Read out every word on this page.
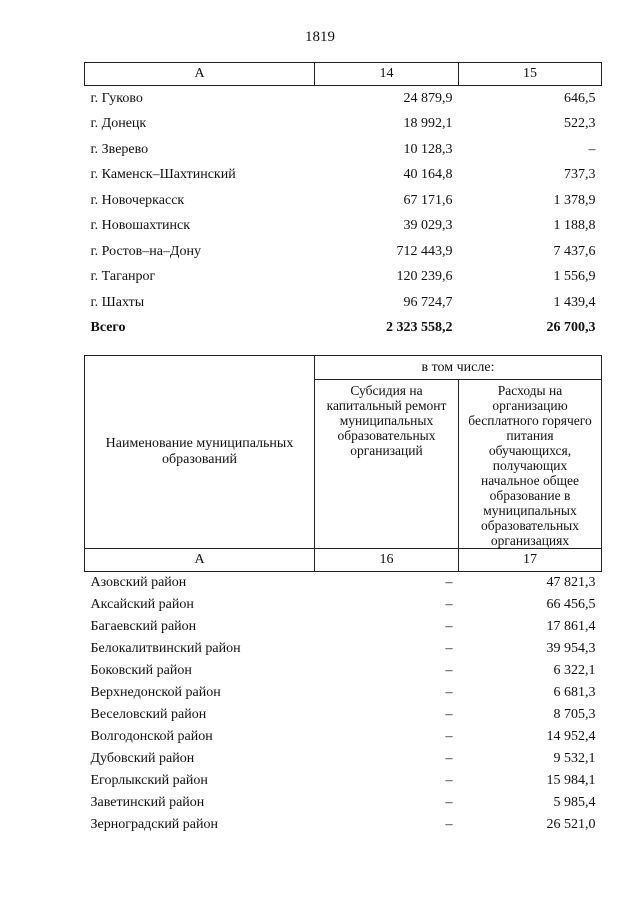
1819
А	14	15
г. Гуково	24 879,9	646,5
г. Донецк	18 992,1	522,3
г. Зверево	10 128,3	–
г. Каменск–Шахтинский	40 164,8	737,3
г. Новочеркасск	67 171,6	1 378,9
г. Новошахтинск	39 029,3	1 188,8
г. Ростов–на–Дону	712 443,9	7 437,6
г. Таганрог	120 239,6	1 556,9
г. Шахты	96 724,7	1 439,4
Всего	2 323 558,2	26 700,3
Наименование муниципальных образований	в том числе:	

	Субсидия на капитальный ремонт муниципальных образовательных организаций	Расходы на организацию бесплатного горячего питания обучающихся, получающих начальное общее образование в муниципальных образовательных организациях

А	16	17
Азовский район	–	47 821,3
Аксайский район	–	66 456,5
Багаевский район	–	17 861,4
Белокалитвинский район	–	39 954,3
Боковский район	–	6 322,1
Верхнедонской район	–	6 681,3
Веселовский район	–	8 705,3
Волгодонской район	–	14 952,4
Дубовский район	–	9 532,1
Егорлыкский район	–	15 984,1
Заветинский район	–	5 985,4
Зерноградский район	–	26 521,0
